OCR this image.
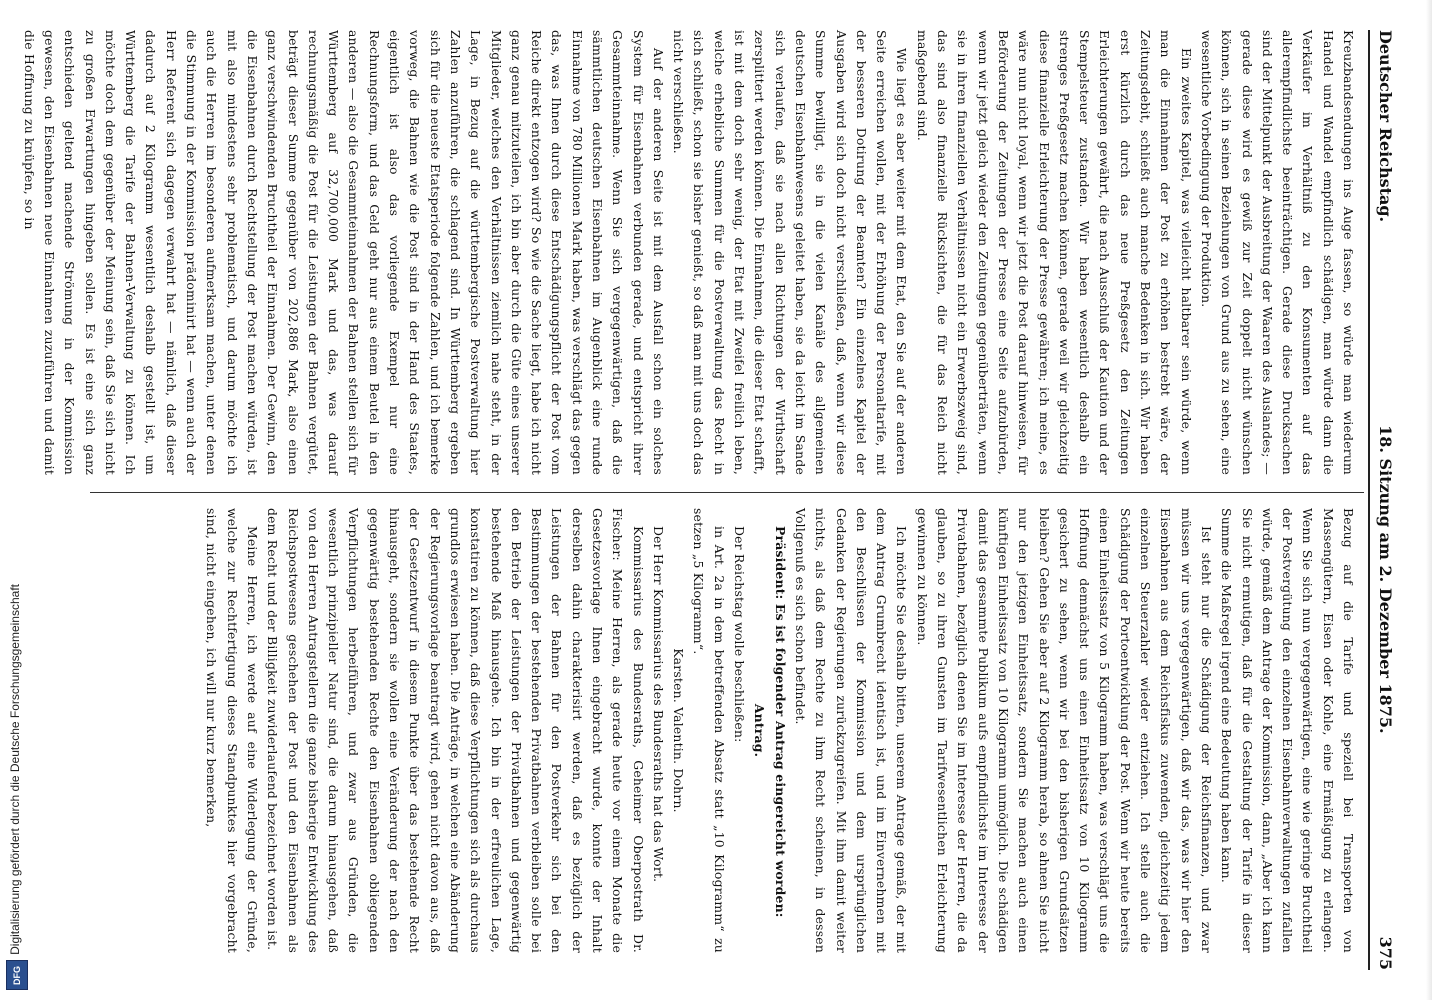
Digitalisierung gefördert durch die Deutsche Forschungsgemeinschaft
DFG
Deutscher Reichstag.
18. Sitzung am 2. Dezember 1875.
375

Kreuzbandsendungen ins Auge fassen, so würde man wiederum Handel und Wandel empfindlich schädigen, man würde dann die Verkäufer im Verhältniß zu den Konsumenten auf das allerempfindlichste beeinträchtigen. Gerade diese Drucksachen sind der Mittelpunkt der Ausbreitung der Waaren des Auslandes; — gerade diese wird es gewiß zur Zeit doppelt nicht wünschen können, sich in seinen Beziehungen von Grund aus zu sehen, eine wesentliche Vorbedingung der Produktion.

Ein zweites Kapitel, was vielleicht haltbarer sein würde, wenn man die Einnahmen der Post zu erhöhen bestrebt wäre, der Zeitungsdebit, schließt auch manche Bedenken in sich. Wir haben erst kürzlich durch das neue Preßgesetz den Zeitungen Erleichterungen gewährt, die nach Ausschluß der Kaution und der Stempelsteuer zustanden. Wir haben wesentlich deshalb ein strenges Preßgesetz machen können, gerade weil wir gleichzeitig diese finanzielle Erleichterung der Presse gewähren; ich meine, es wäre nun nicht loyal, wenn wir jetzt die Post darauf hinweisen, für Beförderung der Zeitungen der Presse eine Seite aufzubürden, wenn wir jetzt gleich wieder den Zeitungen gegenüberträten, wenn sie in ihren finanziellen Verhältnissen nicht ein Erwerbszweig sind, das sind also finanzielle Rücksichten, die für das Reich nicht maßgebend sind.

Wie liegt es aber weiter mit dem Etat, den Sie auf der anderen Seite erreichen wollen, mit der Erhöhung der Personaltarife, mit der besseren Dotirung der Beamten? Ein einzelnes Kapitel der Ausgaben wird sich doch nicht verschließen, daß, wenn wir diese Summe bewilligt, sie in die vielen Kanäle des allgemeinen deutschen Eisenbahnwesens geleitet haben, sie da leicht im Sande sich verlaufen, daß sie nach allen Richtungen der Wirthschaft zersplittert werden können. Die Einnahmen, die dieser Etat schafft, ist mit dem doch sehr wenig, der Etat mit Zweifel freilich leben, welche erhebliche Summen für die Postverwaltung das Recht in sich schließt, schon sie bisher genießt, so daß man mit uns doch das nicht verschließen.

Auf der anderen Seite ist mit dem Ausfall schon ein solches System für Eisenbahnen verbunden gerade, und entspricht ihrer Gesammteinnahme. Wenn Sie sich vergegenwärtigen, daß die sämmtlichen deutschen Eisenbahnen im Augenblick eine runde Einnahme von 780 Millionen Mark haben, was verschlägt das gegen das, was Ihnen durch diese Entschädigungspflicht der Post vom Reiche direkt entzogen wird? So wie die Sache liegt, habe ich nicht ganz genau mitzuteilen, ich bin aber durch die Güte eines unserer Mitglieder, welches den Verhältnissen ziemlich nahe steht, in der Lage, in Bezug auf die württembergische Postverwaltung hier Zahlen anzuführen, die schlagend sind. In Württemberg ergeben sich für die neueste Etatsperiode folgende Zahlen, und ich bemerke vorweg, die Bahnen wie die Post sind in der Hand des Staates, eigentlich ist also das vorliegende Exempel nur eine Rechnungsform, und das Geld geht nur aus einem Beutel in den anderen — also die Gesammteinnahmen der Bahnen stellen sich für Württemberg auf 32,700,000 Mark und das, was darauf rechnungsmäßig die Post für die Leistungen der Bahnen vergütet, beträgt dieser Summe gegenüber von 202,886 Mark, also einen ganz verschwindenden Bruchtheil der Einnahmen. Der Gewinn, den die Eisenbahnen durch Rechtstellung der Post machen würden, ist mit also mindestens sehr problematisch, und darum möchte ich auch die Herren im besonderen aufmerksam machen, unter denen die Stimmung in der Kommission prädominirt hat — wenn auch der Herr Referent sich dagegen verwahrt hat — nämlich, daß dieser dadurch auf 2 Kilogramm wesentlich deshalb gestellt ist, um Württemberg die Tarife der Bahnen-Verwaltung zu können. Ich möchte doch dem gegenüber der Meinung sein, daß Sie sich nicht zu großen Erwartungen hingeben sollen. Es ist eine sich ganz entschieden geltend machende Strömung in der Kommission gewesen, den Eisenbahnen neue Einnahmen zuzuführen und damit die Hoffnung zu knüpfen, so in

Bezug auf die Tarife und speziell bei Transporten von Massengütern, Eisen oder Kohle, eine Ermäßigung zu erlangen. Wenn Sie sich nun vergegenwärtigen, eine wie geringe Bruchtheil der Postvergütung den einzelnen Eisenbahnverwaltungen zufallen würde, gemäß dem Antrage der Kommission, dann, „Aber ich kann Sie nicht ermutigen, daß für die Gestaltung der Tarife in dieser Summe die Maßregel irgend eine Bedeutung haben kann.

Ist steht nur die Schädigung der Reichsfinanzen, und zwar müssen wir uns vergegenwärtigen, daß wir das, was wir hier den Eisenbahnen aus dem Reichsfiskus zuwenden, gleichzeitig jedem einzelnen Steuerzahler wieder entziehen. Ich stelle auch die Schädigung der Portoentwicklung der Post. Wenn wir heute bereits einen Einheitssatz von 5 Kilogramm haben, was verschlägt uns die Hoffnung demnächst uns einen Einheitssatz von 10 Kilogramm gesichert zu sehen, wenn wir bei den bisherigen Grundsätzen bleiben? Gehen Sie aber auf 2 Kilogramm herab, so ahnen Sie nicht nur den jetzigen Einheitssatz, sondern Sie machen auch einen künftigen Einheitssatz von 10 Kilogramm unmöglich. Die schädigen damit das gesammte Publikum aufs empfindlichste im Interesse der Privatbahnen, bezüglich denen Sie im Interesse der Herren, die da glauben, so zu ihren Gunsten im Tarifwesentlichen Erleichterung gewinnen zu können.

Ich möchte Sie deshalb bitten, unserem Antrage gemäß, der mit dem Antrag Grumbrecht identisch ist, und im Einvernehmen mit den Beschlüssen der Kommission und dem ursprünglichen Gedanken der Regierungen zurückzugreifen. Mit ihm damit weiter nichts, als daß dem Rechte zu ihm Recht scheinen, in dessen Vollgenuß es sich schon befindet.

Präsident: Es ist folgender Antrag eingereicht worden:

Antrag.

Der Reichstag wolle beschließen:

in Art. 2a in dem betreffenden Absatz statt „10 Kilogramm“ zu setzen „5 Kilogramm“.

Karsten. Valentin. Dohrn.

Der Herr Kommissarius des Bundesraths hat das Wort.

Kommissarius des Bundesraths, Geheimer Oberpostrath Dr. Fischer: Meine Herren, als gerade heute vor einem Monate die Gesetzesvorlage Ihnen eingebracht wurde, konnte der Inhalt derselben dahin charakterisirt werden, daß es bezüglich der Leistungen der Bahnen für den Postverkehr sich bei den Bestimmungen der bestehenden Privatbahnen verbleiben solle bei den Betrieb der Leistungen der Privatbahnen und gegenwärtig bestehende Maß hinausgehe. Ich bin in der erfreulichen Lage, konstatiren zu können, daß diese Verpflichtungen sich als durchaus grundlos erwiesen haben. Die Anträge, in welchen eine Abänderung der Regierungsvorlage beantragt wird, gehen nicht davon aus, daß der Gesetzentwurf in diesem Punkte über das bestehende Recht hinausgeht, sondern sie wollen eine Veränderung der nach den gegenwärtig bestehenden Rechte den Eisenbahnen obliegenden Verpflichtungen herbeiführen, und zwar aus Gründen, die wesentlich prinzipieller Natur sind, die darum hinausgehen, daß von den Herren Antragstellern die ganze bisherige Entwicklung des Reichspostwesens geschehen der Post und den Eisenbahnen als dem Recht und der Billigkeit zuwiderlaufend bezeichnet worden ist.

Meine Herren, ich werde auf eine Widerlegung der Gründe, welche zur Rechtfertigung dieses Standpunktes hier vorgebracht sind, nicht eingehen, ich will nur kurz bemerken,
